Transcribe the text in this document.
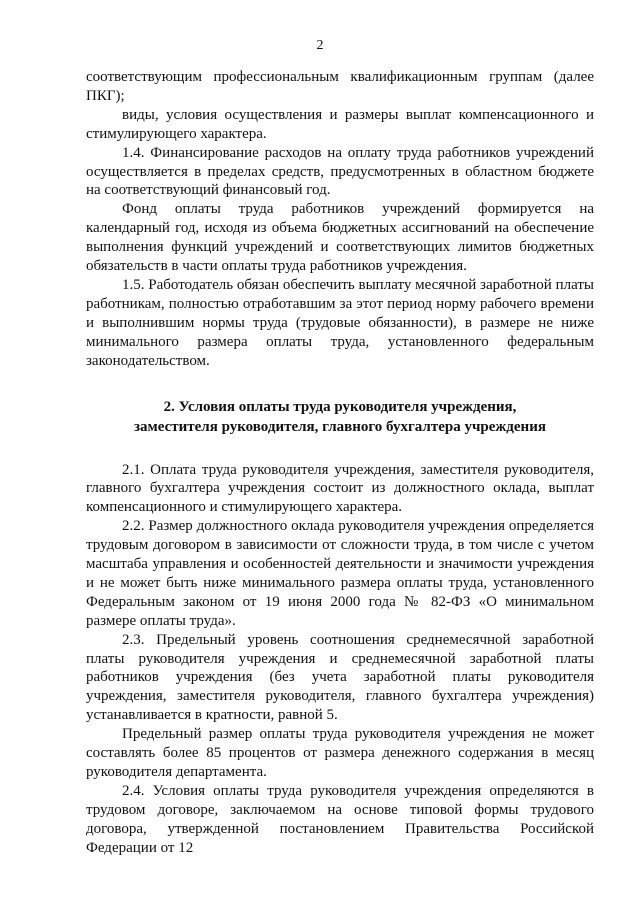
2

соответствующим профессиональным квалификационным группам (далее ПКГ);

виды, условия осуществления и размеры выплат компенсационного и стимулирующего характера.

1.4. Финансирование расходов на оплату труда работников учреждений осуществляется в пределах средств, предусмотренных в областном бюджете на соответствующий финансовый год.

Фонд оплаты труда работников учреждений формируется на календарный год, исходя из объема бюджетных ассигнований на обеспечение выполнения функций учреждений и соответствующих лимитов бюджетных обязательств в части оплаты труда работников учреждения.

1.5. Работодатель обязан обеспечить выплату месячной заработной платы работникам, полностью отработавшим за этот период норму рабочего времени и выполнившим нормы труда (трудовые обязанности), в размере не ниже минимального размера оплаты труда, установленного федеральным законодательством.

2. Условия оплаты труда руководителя учреждения,
заместителя руководителя, главного бухгалтера учреждения

2.1. Оплата труда руководителя учреждения, заместителя руководителя, главного бухгалтера учреждения состоит из должностного оклада, выплат компенсационного и стимулирующего характера.

2.2. Размер должностного оклада руководителя учреждения определяется трудовым договором в зависимости от сложности труда, в том числе с учетом масштаба управления и особенностей деятельности и значимости учреждения и не может быть ниже минимального размера оплаты труда, установленного Федеральным законом от 19 июня 2000 года № 82-ФЗ «О минимальном размере оплаты труда».

2.3. Предельный уровень соотношения среднемесячной заработной платы руководителя учреждения и среднемесячной заработной платы работников учреждения (без учета заработной платы руководителя учреждения, заместителя руководителя, главного бухгалтера учреждения) устанавливается в кратности, равной 5.

Предельный размер оплаты труда руководителя учреждения не может составлять более 85 процентов от размера денежного содержания в месяц руководителя департамента.

2.4. Условия оплаты труда руководителя учреждения определяются в трудовом договоре, заключаемом на основе типовой формы трудового договора, утвержденной постановлением Правительства Российской Федерации от 12
